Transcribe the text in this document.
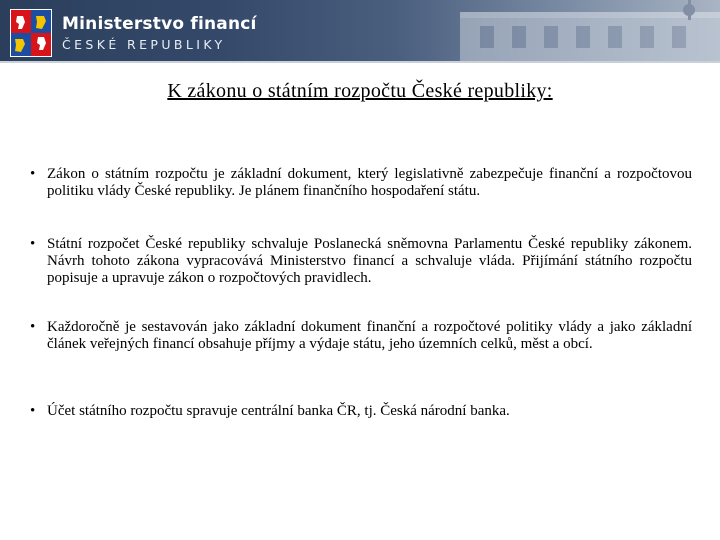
Ministerstvo financí
ČESKÉ REPUBLIKY
K zákonu o státním rozpočtu České republiky:
• Zákon o státním rozpočtu je základní dokument, který legislativně zabezpečuje finanční a rozpočtovou politiku vlády České republiky. Je plánem finančního hospodaření státu.
• Státní rozpočet České republiky schvaluje Poslanecká sněmovna Parlamentu České republiky zákonem. Návrh tohoto zákona vypracovává Ministerstvo financí a schvaluje vláda. Přijímání státního rozpočtu popisuje a upravuje zákon o rozpočtových pravidlech.
• Každoročně je sestavován jako základní dokument finanční a rozpočtové politiky vlády a jako základní článek veřejných financí obsahuje příjmy a výdaje státu, jeho územních celků, měst a obcí.
• Účet státního rozpočtu spravuje centrální banka ČR, tj. Česká národní banka.
